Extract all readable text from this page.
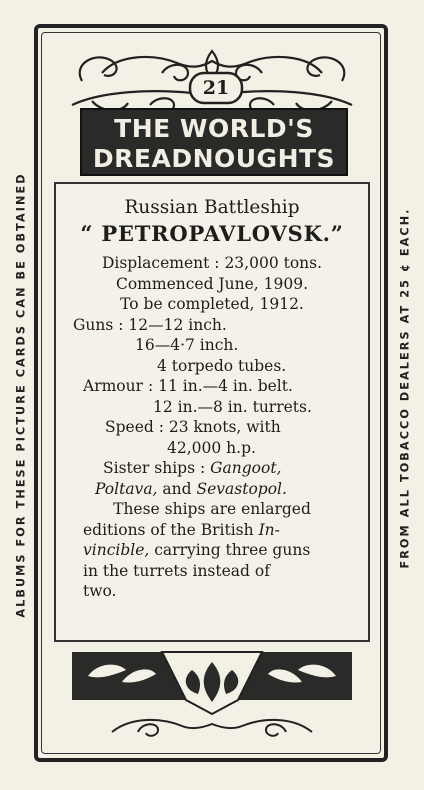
ALBUMS FOR THESE PICTURE CARDS CAN BE OBTAINED	FROM ALL TOBACCO DEALERS AT 25 ¢ EACH.
21
THE WORLD'S
DREADNOUGHTS
Russian Battleship
“ PETROPAVLOVSK.”
Displacement : 23,000 tons.
Commenced June, 1909.
To be completed, 1912.
Guns : 12—12 inch.
16—4·7 inch.
4 torpedo tubes.
Armour : 11 in.—4 in. belt.
12 in.—8 in. turrets.
Speed : 23 knots, with
42,000 h.p.
Sister ships : Gangoot,
Poltava, and Sevastopol.
These ships are enlarged
editions of the British In-
vincible, carrying three guns
in the turrets instead of
two.
